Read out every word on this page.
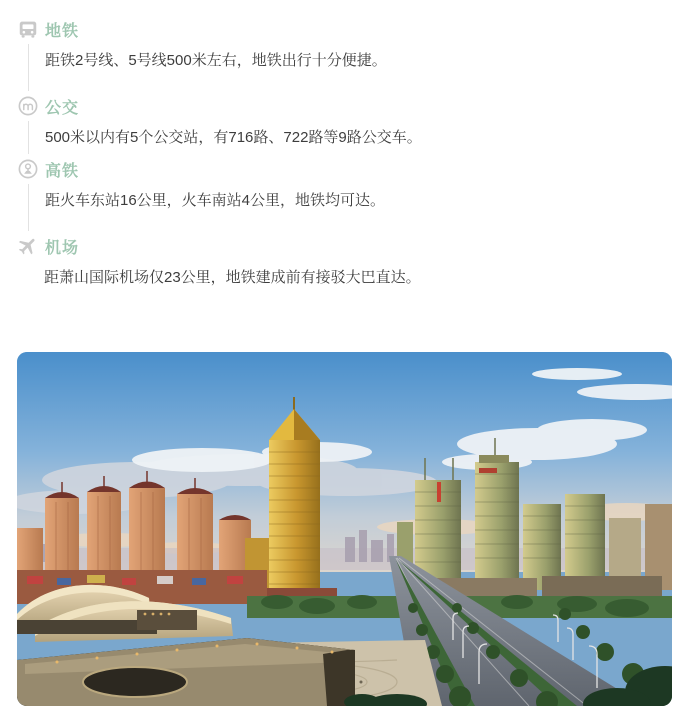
地铁

距铁2号线、5号线500米左右，地铁出行十分便捷。

公交

500米以内有5个公交站，有716路、722路等9路公交车。

高铁

距火车东站16公里，火车南站4公里，地铁均可达。

机场

距萧山国际机场仅23公里，地铁建成前有接驳大巴直达。
